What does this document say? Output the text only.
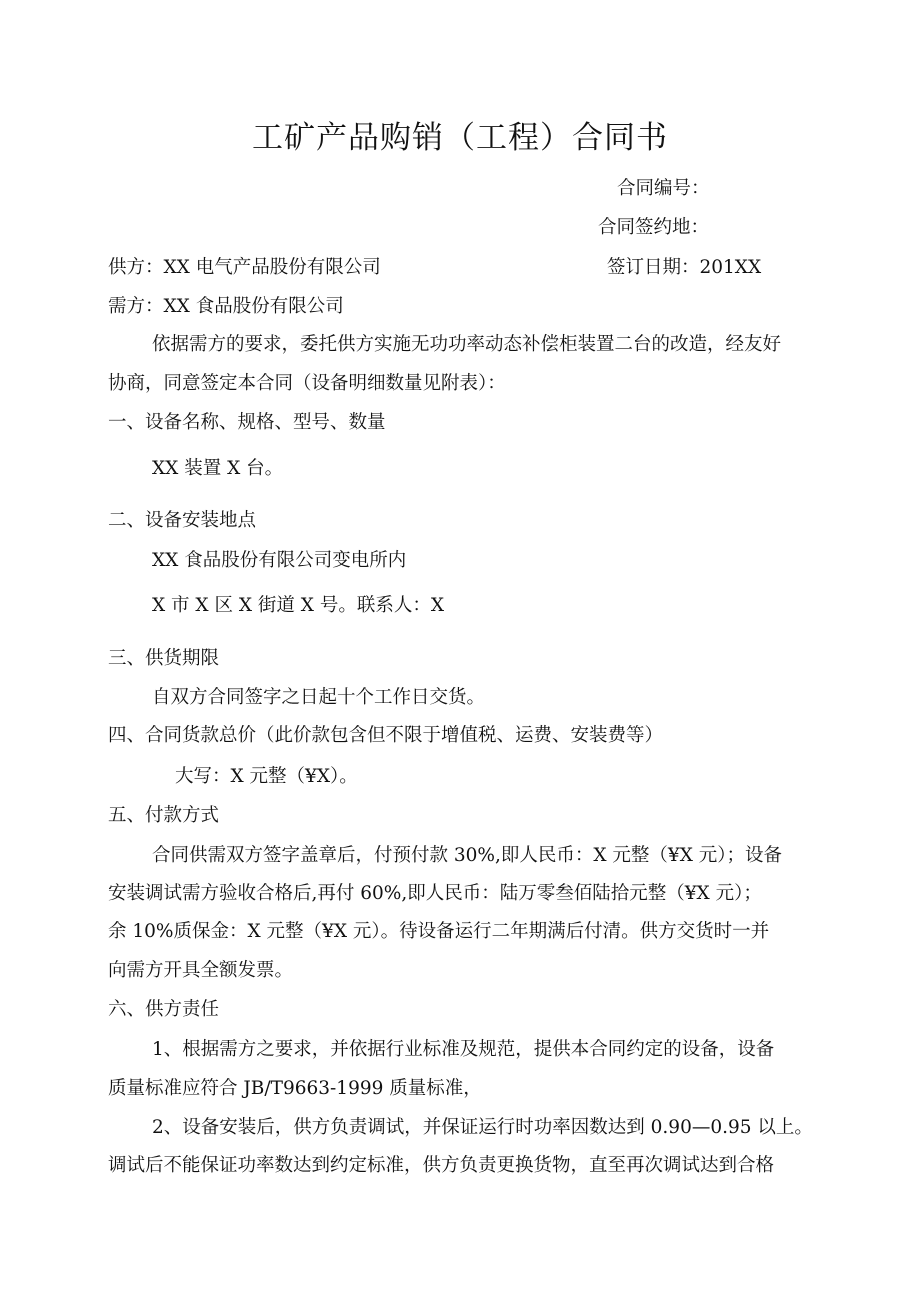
工矿产品购销（工程）合同书
合同编号：
合同签约地：
供方：XX 电气产品股份有限公司	签订日期：201XX
需方：XX 食品股份有限公司
依据需方的要求，委托供方实施无功功率动态补偿柜装置二台的改造，经友好
协商，同意签定本合同（设备明细数量见附表）：
一、设备名称、规格、型号、数量
XX 装置 X 台。
二、设备安装地点
XX 食品股份有限公司变电所内
X 市 X 区 X 街道 X 号。联系人：X
三、供货期限
自双方合同签字之日起十个工作日交货。
四、合同货款总价（此价款包含但不限于增值税、运费、安装费等）
大写：X 元整（¥X）。
五、付款方式
合同供需双方签字盖章后，付预付款 30%,即人民币：X 元整（¥X 元）；设备
安装调试需方验收合格后,再付 60%,即人民币：陆万零叁佰陆拾元整（¥X 元）；
余 10%质保金：X 元整（¥X 元）。待设备运行二年期满后付清。供方交货时一并
向需方开具全额发票。
六、供方责任
1、根据需方之要求，并依据行业标准及规范，提供本合同约定的设备，设备
质量标准应符合 JB/T9663-1999 质量标准，
2、设备安装后，供方负责调试，并保证运行时功率因数达到 0.90—0.95 以上。
调试后不能保证功率数达到约定标准，供方负责更换货物，直至再次调试达到合格
